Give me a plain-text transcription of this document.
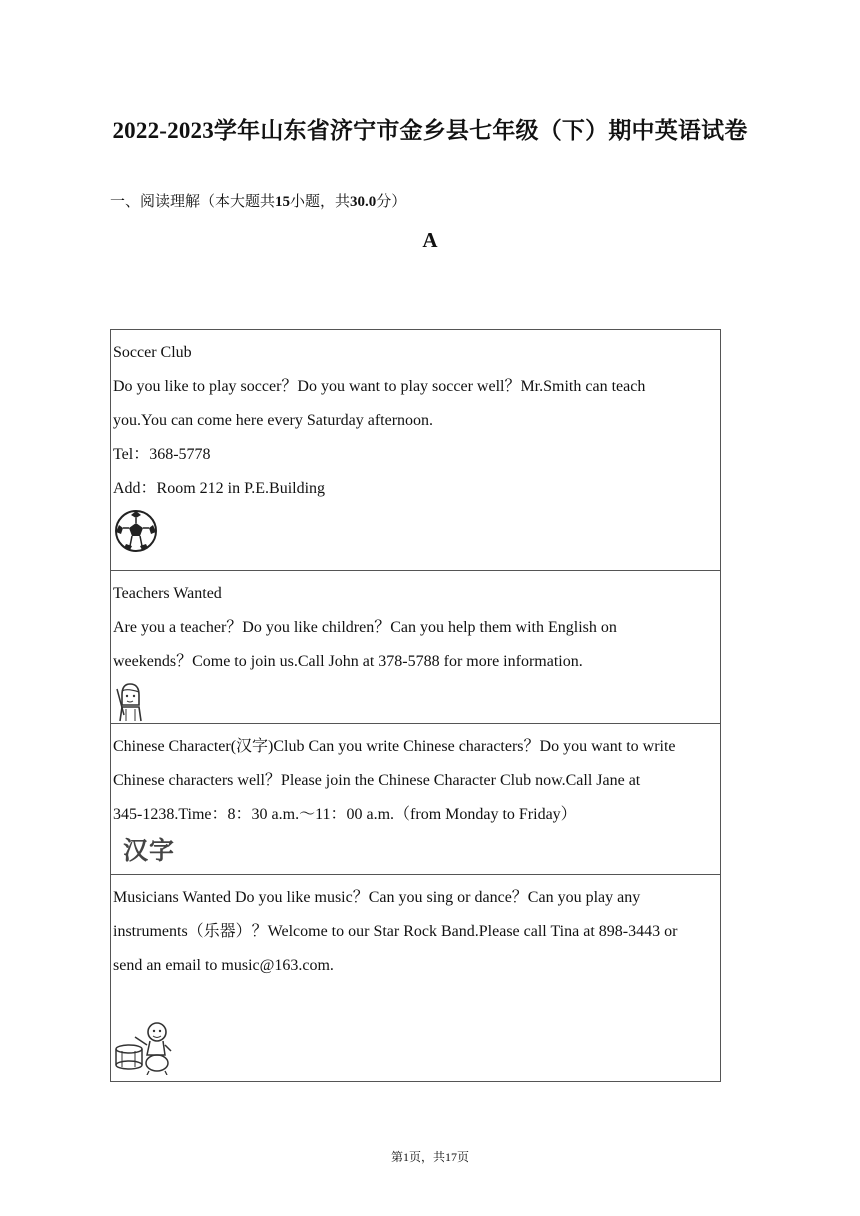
2022-2023学年山东省济宁市金乡县七年级（下）期中英语试卷
一、阅读理解（本大题共15小题，共30.0分）
A
Soccer Club
Do you like to play soccer？Do you want to play soccer well？Mr.Smith can teach
you.You can come here every Saturday afternoon.
Tel：368-5778
Add：Room 212 in P.E.Building

Teachers Wanted
Are you a teacher？Do you like children？Can you help them with English on
weekends？Come to join us.Call John at 378-5788 for more information.

Chinese Character(汉字)Club Can you write Chinese characters？Do you want to write
Chinese characters well？Please join the Chinese Character Club now.Call Jane at
345-1238.Time：8：30 a.m.～11：00 a.m.（from Monday to Friday）
汉字

Musicians Wanted Do you like music？Can you sing or dance？Can you play any
instruments（乐器）？Welcome to our Star Rock Band.Please call Tina at 898-3443 or
send an email to music@163.com.
第1页，共17页
